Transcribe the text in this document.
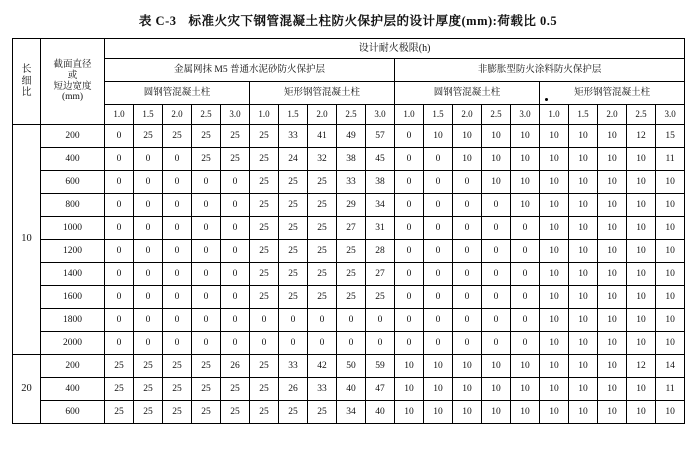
表 C-3 标准火灾下钢管混凝土柱防火保护层的设计厚度(mm):荷载比 0.5
长
细
比

截面直径
或
短边宽度
(mm)
	设计耐火极限(h)
		金属网抹 M5 普通水泥砂防火保护层										非膨胀型防火涂料防火保护层									
		圆钢管混凝土柱					矩形钢管混凝土柱					圆钢管混凝土柱					矩形钢管混凝土柱				
		1.0	1.5	2.0	2.5	3.0	1.0	1.5	2.0	2.5	3.0	1.0	1.5	2.0	2.5	3.0	1.0	1.5	2.0	2.5	3.0
10	200	0	25	25	25	25	25	33	41	49	57	0	10	10	10	10	10	10	10	12	15
	400	0	0	0	25	25	25	24	32	38	45	0	0	10	10	10	10	10	10	10	11
	600	0	0	0	0	0	25	25	25	33	38	0	0	0	10	10	10	10	10	10	10
	800	0	0	0	0	0	25	25	25	29	34	0	0	0	0	10	10	10	10	10	10
	1000	0	0	0	0	0	25	25	25	27	31	0	0	0	0	0	10	10	10	10	10
	1200	0	0	0	0	0	25	25	25	25	28	0	0	0	0	0	10	10	10	10	10
	1400	0	0	0	0	0	25	25	25	25	27	0	0	0	0	0	10	10	10	10	10
	1600	0	0	0	0	0	25	25	25	25	25	0	0	0	0	0	10	10	10	10	10
	1800	0	0	0	0	0	0	0	0	0	0	0	0	0	0	0	10	10	10	10	10
	2000	0	0	0	0	0	0	0	0	0	0	0	0	0	0	0	10	10	10	10	10
20	200	25	25	25	25	26	25	33	42	50	59	10	10	10	10	10	10	10	10	12	14
	400	25	25	25	25	25	25	26	33	40	47	10	10	10	10	10	10	10	10	10	11
	600	25	25	25	25	25	25	25	25	34	40	10	10	10	10	10	10	10	10	10	10
